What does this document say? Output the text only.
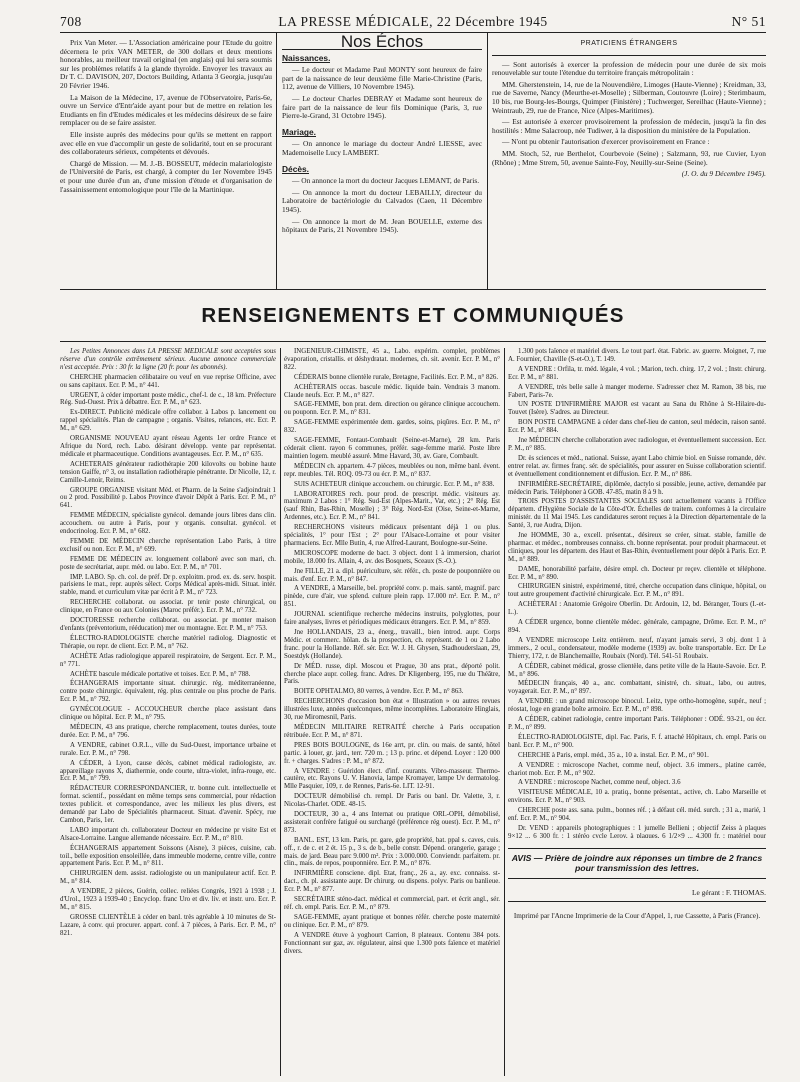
708	LA PRESSE MÉDICALE, 22 Décembre 1945	N° 51

Prix Van Meter. — L'Association américaine pour l'Etude du goitre décernera le prix VAN METER, de 300 dollars et deux mentions honorables, au meilleur travail original (en anglais) qui lui sera soumis sur les problèmes relatifs à la glande thyroïde. Envoyer les travaux au Dr T. C. DAVISON, 207, Doctors Building, Atlanta 3 Georgia, jusqu'au 20 Février 1946.

La Maison de la Médecine, 17, avenue de l'Observatoire, Paris-6e, ouvre un Service d'Entr'aide ayant pour but de mettre en relation les Etudiants en fin d'Etudes médicales et les médecins désireux de se faire remplacer ou de se faire assister.

Elle insiste auprès des médecins pour qu'ils se mettent en rapport avec elle en vue d'accomplir un geste de solidarité, tout en se procurant des collaborateurs sérieux, compétents et dévoués.

Chargé de Mission. — M. J.-B. BOSSEUT, médecin malariologiste de l'Université de Paris, est chargé, à compter du 1er Novembre 1945 et pour une durée d'un an, d'une mission d'étude et d'organisation de l'assainissement entomologique pour l'île de la Martinique.

Nos Échos
Naissances.

— Le docteur et Madame Paul MONTY sont heureux de faire part de la naissance de leur deuxième fille Marie-Christine (Paris, 112, avenue de Villiers, 10 Novembre 1945).

— Le docteur Charles DEBRAY et Madame sont heureux de faire part de la naissance de leur fils Dominique (Paris, 3, rue Pierre-le-Grand, 31 Octobre 1945).

Mariage.

— On annonce le mariage du docteur André LIESSE, avec Mademoiselle Lucy LAMBERT.

Décès.

— On annonce la mort du docteur Jacques LEMANT, de Paris.

— On annonce la mort du docteur LEBAILLY, directeur du Laboratoire de bactériologie du Calvados (Caen, 11 Décembre 1945).

— On annonce la mort de M. Jean BOUELLE, externe des hôpitaux de Paris, 21 Novembre 1945).

PRATICIENS ÉTRANGERS

— Sont autorisés à exercer la profession de médecin pour une durée de six mois renouvelable sur toute l'étendue du territoire français métropolitain :

MM. Gherstenstein, 14, rue de la Nouvendière, Limoges (Haute-Vienne) ; Kreidman, 33, rue de Saverne, Nancy (Meurthe-et-Moselle) ; Silberman, Coutouvre (Loire) ; Sterimbaum, 10 bis, rue Bourg-les-Bourgs, Quimper (Finistère) ; Tuchwerger, Sereilhac (Haute-Vienne) ; Weintraub, 29, rue de France, Nice (Alpes-Maritimes).

— Est autorisée à exercer provisoirement la profession de médecin, jusqu'à la fin des hostilités : Mme Salacroup, née Tudiwer, à la disposition du ministère de la Population.

— N'ont pu obtenir l'autorisation d'exercer provisoirement en France :

MM. Stoch, 52, rue Berthelot, Courbevoie (Seine) ; Salzmann, 93, rue Cuvier, Lyon (Rhône) ; Mme Strem, 50, avenue Sainte-Foy, Neuilly-sur-Seine (Seine).

(J. O. du 9 Décembre 1945).

RENSEIGNEMENTS ET COMMUNIQUÉS

Les Petites Annonces dans LA PRESSE MÉDICALE sont acceptées sous réserve d'un contrôle extrêmement sérieux. Aucune annonce commerciale n'est acceptée. Prix : 30 fr. la ligne (20 fr. pour les abonnés).

CHERCHE pharmacien célibataire ou veuf en vue reprise Officine, avec ou sans capitaux. Ecr. P. M., n° 441.

URGENT, à céder important poste médic., chef-l. de c., 18 km. Préfecture Rég. Sud-Ouest. Prix à débattre. Ecr. P. M., n° 623.

Ex-DIRECT. Publicité médicale offre collabor. à Labos p. lancement ou rappel spécialités. Plan de campagne ; organis. Visites, relances, etc. Ecr. P. M., n° 629.

ORGANISME NOUVEAU ayant réseau Agents 1er ordre France et Afrique du Nord, rech. Labo. désirant développ. vente par représentat. médicale et pharmaceutique. Conditions avantageuses. Ecr. P. M., n° 635.

ACHETERAIS générateur radiothérapie 200 kilovolts ou bobine haute tension Gaiffe, n° 3, ou installation radiothérapie pénétrante. Dr Nicolle, 12, r. Camille-Lenoir, Reims.

GROUPE ORGANISE visitant Méd. et Pharm. de la Seine s'adjoindrait 1 ou 2 prod. Possibilité p. Labos Province d'avoir Dépôt à Paris. Ecr. P. M., n° 641.

FEMME MÉDECIN, spécialiste gynécol. demande jours libres dans clin. accouchem. ou autre à Paris, pour y organis. consultat. gynécol. et endocrinolog. Ecr. P. M., n° 682.

FEMME DE MÉDECIN cherche représentation Labo Paris, à titre exclusif ou non. Ecr. P. M., n° 699.

FEMME DE MÉDECIN av. longuement collaboré avec son mari, ch. poste de secrétariat, aupr. méd. ou labo. Ecr. P. M., n° 701.

IMP. LABO. Sp. ch. col. de préf. Dr p. exploitm. prod. ex. ds. serv. hospit. parisiens le mat., repr. auprès sélect. Corps Médical après-midi. Situat. intér. stable, mand. et curriculum vitæ par écrit à P. M., n° 723.

RECHERCHE collaborat. ou associat. pr tenir poste chirurgical, ou clinique, en France ou aux Colonies (Maroc préfér.). Ecr. P. M., n° 732.

DOCTORESSE recherche collaborat. ou associat. pr monter maison d'enfants (préventorium, rééducation) mer ou montagne. Ecr. P. M., n° 753.

ÉLECTRO-RADIOLOGISTE cherche matériel radiolog. Diagnostic et Thérapie, ou repr. de client. Ecr. P. M., n° 762.

ACHÈTE Atlas radiologique appareil respiratoire, de Sergent. Ecr. P. M., n° 771.

ACHÈTE bascule médicale portative et toises. Ecr. P. M., n° 788.

ÉCHANGERAIS importante situat. chirurgic. rég. méditerranéenne, contre poste chirurgic. équivalent, rég. plus centrale ou plus proche de Paris. Ecr. P. M., n° 792.

GYNÉCOLOGUE - ACCOUCHEUR cherche place assistant dans clinique ou hôpital. Ecr. P. M., n° 795.

MÉDECIN, 43 ans pratique, cherche remplacement, toutes durées, toute durée. Ecr. P. M., n° 796.

A VENDRE, cabinet O.R.L., ville du Sud-Ouest, importance urbaine et rurale. Ecr. P. M., n° 798.

A CÉDER, à Lyon, cause décès, cabinet médical radiologiste, av. appareillage rayons X, diathermie, onde courte, ultra-violet, infra-rouge, etc. Ecr. P. M., n° 799.

RÉDACTEUR CORRESPONDANCIER, tr. bonne cult. intellectuelle et format. scientif., possédant en même temps sens commercial, pour rédaction textes publicit. et correspondance, avec les milieux les plus divers, est demandé par Labo de Spécialités pharmaceut. Situat. d'avenir. Spécy, rue Cambon, Paris, 1er.

LABO important ch. collaborateur Docteur en médecine pr visite Est et Alsace-Lorraine. Langue allemande nécessaire. Ecr. P. M., n° 810.

ÉCHANGERAIS appartement Soissons (Aisne), 3 pièces, cuisine, cab. toil., belle exposition ensoleillée, dans immeuble moderne, centre ville, contre appartement Paris. Ecr. P. M., n° 811.

CHIRURGIEN dem. assist. radiologiste ou un manipulateur actif. Ecr. P. M., n° 814.

A VENDRE, 2 pièces, Guérin, collec. reliées Congrès, 1921 à 1938 ; J. d'Urol., 1923 à 1939-40 ; Encyclop. franc Uro et div. liv. et instr. uro. Ecr. P. M., n° 815.

GROSSE CLIENTÈLE à céder en banl. très agréable à 10 minutes de St-Lazare, à conv. qui procurer. appart. conf. à 7 pièces, à Paris. Ecr. P. M., n° 821.

INGÉNIEUR-CHIMISTE, 45 a., Labo. expérim. complet, problèmes évaporation, cristallis. et déshydratat. modernes, ch. sit. avenir. Ecr. P. M., n° 822.

CÉDERAIS bonne clientèle rurale, Bretagne, Facilités. Ecr. P. M., n° 826.

ACHÈTERAIS occas. bascule médic. liquide bain. Vendrais 3 manom. Claude neufs. Ecr. P. M., n° 827.

SAGE-FEMME, bon prat. dem. direction ou gérance clinique accouchem. ou pouponn. Ecr. P. M., n° 831.

SAGE-FEMME expérimentée dem. gardes, soins, piqûres. Ecr. P. M., n° 832.

SAGE-FEMME, Fontaut-Combault (Seine-et-Marne), 28 km. Paris céderait client. rayon 6 communes, préfér. sage-femme marié. Poste libre maintien logem. meublé assuré. Mme Havard, 30, av. Gare, Combault.

MÉDECIN ch. appartem. 4-7 pièces, meublées ou non, même banl. évent. repr. meubles. Tél. ROQ. 09-73 ou écr. P. M., n° 837.

SUIS ACHETEUR clinique accouchem. ou chirurgic. Ecr. P. M., n° 838.

LABORATOIRES rech. pour prod. de prescript. médic. visiteurs ay. maximum 2 Labos : 1° Rég. Sud-Est (Alpes-Marit., Var, etc.) ; 2° Rég. Est (sauf Rhin, Bas-Rhin, Moselle) ; 3° Rég. Nord-Est (Oise, Seine-et-Marne, Ardennes, etc.). Ecr. P. M., n° 841.

RECHERCHONS visiteurs médicaux présentant déjà 1 ou plus. spécialités, 1° pour l'Est ; 2° pour l'Alsace-Lorraine et pour visiter pharmaciens. Ecr. Mlle Butin, 4, rue Alfred-Laurant, Boulogne-sur-Seine.

MICROSCOPE moderne de bact. 3 object. dont 1 à immersion, chariot mobile, 18.000 frs. Allain, 4, av. des Bosquets, Sceaux (S.-O.).

Jne FILLE, 21 a. dipl. puériculture, sér. référ., ch. poste de pouponnière ou mais. d'enf. Ecr. P. M., n° 847.

A VENDRE, à Marseille, bel. propriété conv. p. mais. santé, magnif. parc pinède, cure d'air, vue splend. culture plein rapp. 17.000 m². Ecr. P. M., n° 851.

JOURNAL scientifique recherche médecins instruits, polyglottes, pour faire analyses, livres et périodiques médicaux étrangers. Ecr. P. M., n° 859.

Jne HOLLANDAIS, 23 a., énerg., travaill., bien introd. aupr. Corps Médic. et commerc. hôlan. ds la prospection, ch. représent. de 1 ou 2 Labo franc. pour la Hollande. Réf. sér. Ecr. W. J. H. Ghysen, Stadhouderslaan, 29, Soestdyk (Hollande).

Dr MÉD. russe, dipl. Moscou et Prague, 30 ans prat., déporté polit. cherche place aupr. colleg. franc. Adres. Dr Kligenberg, 195, rue du Théâtre, Paris.

BOITE OPHTALMO, 80 verres, à vendre. Ecr. P. M., n° 863.

RECHERCHONS d'occasion bon état « Illustration » ou autres revues illustrées luxe, années quelconques, même incomplètes. Laboratoire Hinglais, 30, rue Miromesnil, Paris.

MÉDECIN MILITAIRE RETRAITÉ cherche à Paris occupation rétribuée. Ecr. P. M., n° 871.

PRES BOIS BOULOGNE, ds 16e arrt, pr. clin. ou mais. de santé, hôtel partic. à louer, gr. jard., terr. 720 m. ; 13 p. princ. et dépend. Loyer : 120 000 fr. + charges. S'adres : P. M., n° 872.

A VENDRE : Guéridon élect. d'inf. courants. Vibro-masseur. Thermo-cautère, etc. Rayons U. V. Hanovia, lampe Kromayer, lampe Uv dermatolog. Mlle Pasquier, 109, r. de Rennes, Paris-6e. LIT. 12-91.

DOCTEUR démobilisé ch. rempl. Dr Paris ou banl. Dr. Valette, 3, r. Nicolas-Charlet. ODE. 48-15.

DOCTEUR, 30 a., 4 ans Internat ou pratique ORL-OPH, démobilisé, assisterait confrère fatigué ou surchargé (préférence rég ouest). Ecr. P. M., n° 873.

BANL. EST, 13 km. Paris, pr. gare, gde propriété, bat. ppal s. caves, cuis. off., r. de c. et 2 ét. 15 p., 3 s. de b., belle constr. Dépend. orangerie, garage ; mais. de jard. Beau parc 9.000 m². Prix : 3.000.000. Conviendr. parfaitem. pr. clin., mais. de repos, pouponnière. Ecr. P. M., n° 876.

INFIRMIÈRE consciene. dipl. Etat, franç., 26 a., ay. exc. connaiss. st-dact., ch. pl. assistante aupr. Dr chirurg. ou dispens. polyv. Paris ou banlieue. Ecr. P. M., n° 877.

SECRÉTAIRE sténo-dact. médical et commercial, part. et écrit angl., sér. réf. ch. empl. Paris. Ecr. P. M., n° 879.

SAGE-FEMME, ayant pratique et bonnes référ. cherche poste maternité ou clinique. Ecr. P. M., n° 879.

A VENDRE étuve à yoghourt Carrion, 8 plateaux. Contenu 384 pots. Fonctionnant sur gaz, av. régulateur, ainsi que 1.300 pots faïence et matériel divers.

1.300 pots faïence et matériel divers. Le tout parf. état. Fabric. av. guerre. Moignet, 7, rue A. Fournier, Chaville (S-et-O.), T. 149.

A VENDRE : Orfila, tr. méd. légale, 4 vol. ; Marion, tech. chirg. 17, 2 vol. ; Instr. chirurg. Ecr. P. M., n° 881.

A VENDRE, très belle salle à manger moderne. S'adresser chez M. Ramon, 38 bis, rue Fabert, Paris-7e.

UN POSTE D'INFIRMIÈRE MAJOR est vacant au Sana du Rhône à St-Hilaire-du-Touvet (Isère). S'adres. au Directeur.

BON POSTE CAMPAGNE à céder dans chef-lieu de canton, seul médecin, raison santé. Ecr. P. M., n° 884.

Jne MÉDECIN cherche collaboration avec radiologue, et éventuellement succession. Ecr. P. M., n° 885.

Dr. ès sciences et méd., national. Suisse, ayant Labo chimie biol. en Suisse romande, dév. entrer relat. av. firmes franç. sér. de spécialités, pour assurer en Suisse collaboration scientif. et éventuellement conditionnement et diffusion. Ecr. P. M., n° 886.

INFIRMIÈRE-SECRÉTAIRE, diplômée, dactylo si possible, jeune, active, demandée par médecin Paris. Téléphoner à GOB. 47-85, matin 8 à 9 h.

TROIS POSTES D'ASSISTANTES SOCIALES sont actuellement vacants à l'Office départem. d'Hygiène Sociale de la Côte-d'Or. Échelles de traitem. conformes à la circulaire ministér. du 11 Mai 1945. Les candidatures seront reçues à la Direction départementale de la Santé, 3, rue Audra, Dijon.

Jne HOMME, 30 a., excell. présentat., désireux se créer, situat. stable, famille de pharmac. et médec., nombreuses connaiss. ch. bonne représentat. pour produit pharmaceut. et cliniques, pour les départem. des Haut et Bas-Rhin, éventuellement pour dépôt à Paris. Ecr. P. M., n° 889.

DAME, honorabilité parfaite, désire empl. ch. Docteur pr reçev. clientèle et téléphone. Ecr. P. M., n° 890.

CHIRURGIEN sinistré, expérimenté, titré, cherche occupation dans clinique, hôpital, ou tout autre groupement d'activité chirurgicale. Ecr. P. M., n° 891.

ACHÈTERAI : Anatomie Grégoire Oberlin. Dr. Ardouin, 12, bd. Béranger, Tours (I.-et-L.).

A CÉDER urgence, bonne clientèle médec. générale, campagne, Drôme. Ecr. P. M., n° 894.

A VENDRE microscope Leitz entièrem. neuf, n'ayant jamais servi, 3 obj. dont 1 à immers., 2 ocul., condensateur, modèle moderne (1939) av. boîte transportable. Ecr. Dr Le Thierry, 172, r. de Blanchemaille, Roubaix (Nord). Tél. 541-51 Roubaix.

A CÉDER, cabinet médical, grosse clientèle, dans petite ville de la Haute-Savoie. Ecr. P. M., n° 896.

MÉDECIN français, 40 a., anc. combattant, sinistré, ch. situat., labo, ou autres, voyagerait. Ecr. P. M., n° 897.

A VENDRE : un grand microscope binocul. Leitz, type ortho-homogène, supér., neuf ; réostat, loge en grande boîte armoire. Ecr. P. M., n° 898.

A CÉDER, cabinet radiologie, centre important Paris. Téléphoner : ODÉ. 93-21, ou écr. P. M., n° 899.

ÉLECTRO-RADIOLOGISTE, dipl. Fac. Paris, F. f. attaché Hôpitaux, ch. empl. Paris ou banl. Ecr. P. M., n° 900.

CHERCHE à Paris, empl. méd., 35 a., 10 a. instal. Ecr. P. M., n° 901.

A VENDRE : microscope Nachet, comme neuf, object. 3.6 immers., platine carrée, chariot mob. Ecr. P. M., n° 902.

A VENDRE : microscope Nachet, comme neuf, object. 3.6

VISITEUSE MÉDICALE, 10 a. pratiq., bonne présentat., active, ch. Labo Marseille et environs. Ecr. P. M., n° 903.

CHERCHE poste ass. sana. pulm., bonnes réf. ; à défaut cél. méd. surch. ; 31 a., marié, 1 enf. Ecr. P. M., n° 904.

Dr. VEND : appareils photographiques : 1 jumelle Bellieni ; objectif Zeiss à plaques 9×12 ... 6 300 fr. ; 1 stéréo cycle Leroy, à plaques, 6 1/2×9 ... 4.300 fr. ; matériel pour

AVIS — Prière de joindre aux réponses un timbre de 2 francs pour transmission des lettres.
Le gérant : F. THOMAS.
Imprimé par l'Ancne Imprimerie de la Cour d'Appel, 1, rue Cassette, à Paris (France).
